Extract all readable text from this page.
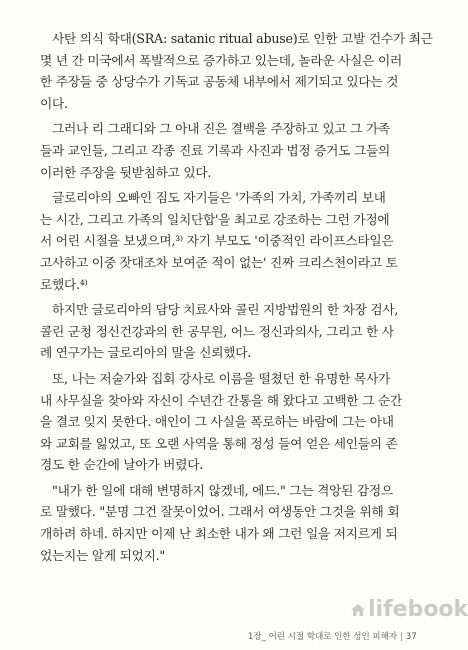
사탄 의식 학대(SRA: satanic ritual abuse)로 인한 고발 건수가 최근
몇 년 간 미국에서 폭발적으로 증가하고 있는데, 놀라운 사실은 이러
한 주장들 중 상당수가 기독교 공동체 내부에서 제기되고 있다는 것
이다.

그러나 리 그래디와 그 아내 진은 결백을 주장하고 있고 그 가족
들과 교인들, 그리고 각종 진료 기록과 사진과 법정 증거도 그들의
이러한 주장을 뒷받침하고 있다.

글로리아의 오빠인 짐도 자기들은 '가족의 가치, 가족끼리 보내
는 시간, 그리고 가족의 일치단합'을 최고로 강조하는 그런 가정에
서 어린 시절을 보냈으며,³⁾ 자기 부모도 '이중적인 라이프스타일은
고사하고 이중 잣대조차 보여준 적이 없는' 진짜 크리스천이라고 토
로했다.⁴⁾

하지만 글로리아의 담당 치료사와 콜린 지방법원의 한 차장 검사,
콜린 군청 정신건강과의 한 공무원, 어느 정신과의사, 그리고 한 사
례 연구가는 글로리아의 말을 신뢰했다.

또, 나는 저술가와 집회 강사로 이름을 떨쳤던 한 유명한 목사가
내 사무실을 찾아와 자신이 수년간 간통을 해 왔다고 고백한 그 순간
을 결코 잊지 못한다. 애인이 그 사실을 폭로하는 바람에 그는 아내
와 교회를 잃었고, 또 오랜 사역을 통해 정성 들여 얻은 세인들의 존
경도 한 순간에 날아가 버렸다.

"내가 한 일에 대해 변명하지 않겠네, 에드." 그는 격앙된 감정으
로 말했다. "분명 그건 잘못이었어. 그래서 여생동안 그것을 위해 회
개하려 하네. 하지만 이제 난 최소한 내가 왜 그런 일을 저지르게 되
었는지는 알게 되었지."

lifebook
1장_ 어린 시절 학대로 인한 성인 피해자 | 37
